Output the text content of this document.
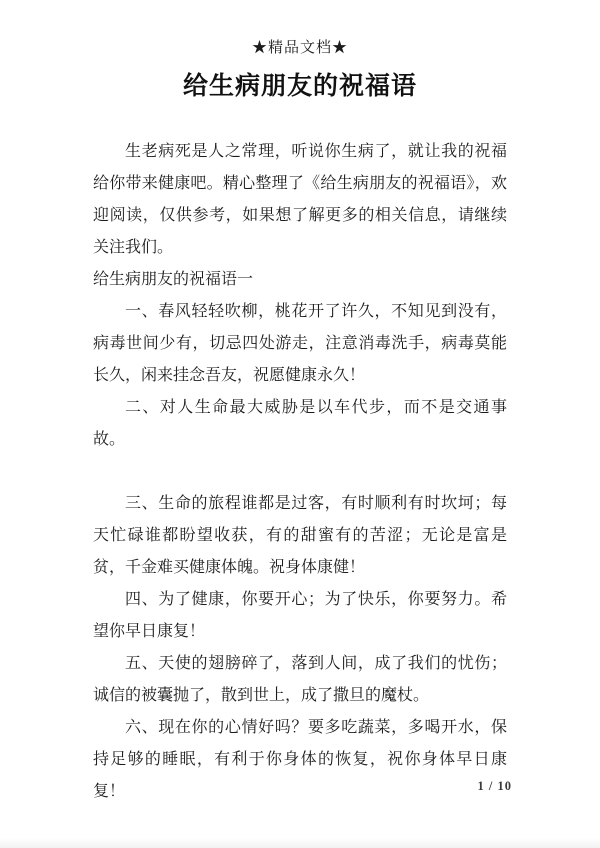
★精品文档★
给生病朋友的祝福语

生老病死是人之常理，听说你生病了，就让我的祝福给你带来健康吧。精心整理了《给生病朋友的祝福语》，欢迎阅读，仅供参考，如果想了解更多的相关信息，请继续关注我们。

给生病朋友的祝福语一

一、春风轻轻吹柳，桃花开了许久，不知见到没有，病毒世间少有，切忌四处游走，注意消毒洗手，病毒莫能长久，闲来挂念吾友，祝愿健康永久！

二、对人生命最大威胁是以车代步，而不是交通事故。

三、生命的旅程谁都是过客，有时顺利有时坎坷；每天忙碌谁都盼望收获，有的甜蜜有的苦涩；无论是富是贫，千金难买健康体魄。祝身体康健！

四、为了健康，你要开心；为了快乐，你要努力。希望你早日康复！

五、天使的翅膀碎了，落到人间，成了我们的忧伤；诚信的被囊抛了，散到世上，成了撒旦的魔杖。

六、现在你的心情好吗？要多吃蔬菜，多喝开水，保持足够的睡眠，有利于你身体的恢复，祝你身体早日康复！	1 / 10
